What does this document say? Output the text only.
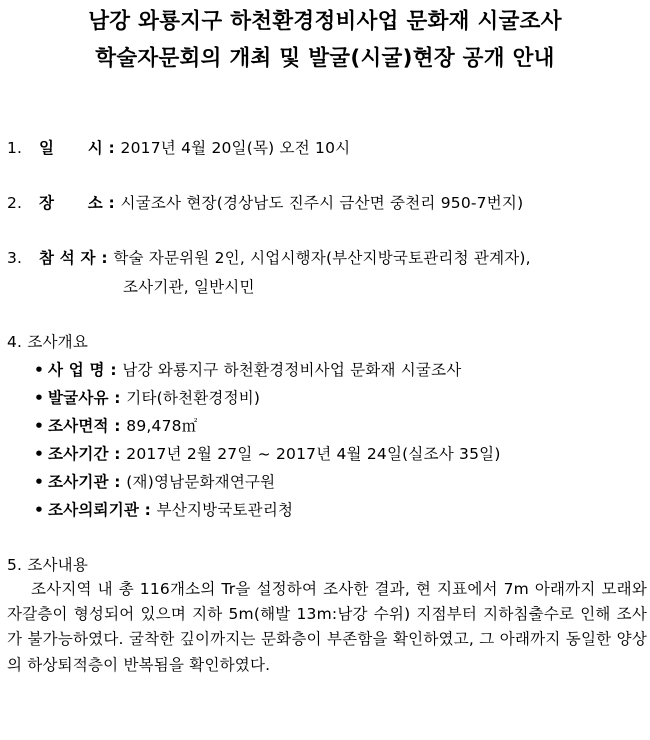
남강 와룡지구 하천환경정비사업 문화재 시굴조사
학술자문회의 개최 및 발굴(시굴)현장 공개 안내
1. 일      시 : 2017년 4월 20일(목) 오전 10시
2. 장      소 : 시굴조사 현장(경상남도 진주시 금산면 중천리 950-7번지)
3. 참 석 자 : 학술 자문위원 2인, 시업시행자(부산지방국토관리청 관계자),
조사기관, 일반시민
4. 조사개요
• 사 업 명 : 남강 와룡지구 하천환경정비사업 문화재 시굴조사
• 발굴사유 : 기타(하천환경정비)
• 조사면적 : 89,478㎡
• 조사기간 : 2017년 2월 27일 ~ 2017년 4월 24일(실조사 35일)
• 조사기관 : (재)영남문화재연구원
• 조사의뢰기관 : 부산지방국토관리청
5. 조사내용

조사지역 내 총 116개소의 Tr을 설정하여 조사한 결과, 현 지표에서 7m 아래까지 모래와 자갈층이 형성되어 있으며 지하 5m(해발 13m:남강 수위) 지점부터 지하침출수로 인해 조사가 불가능하였다. 굴착한 깊이까지는 문화층이 부존함을 확인하였고, 그 아래까지 동일한 양상의 하상퇴적층이 반복됨을 확인하였다.
